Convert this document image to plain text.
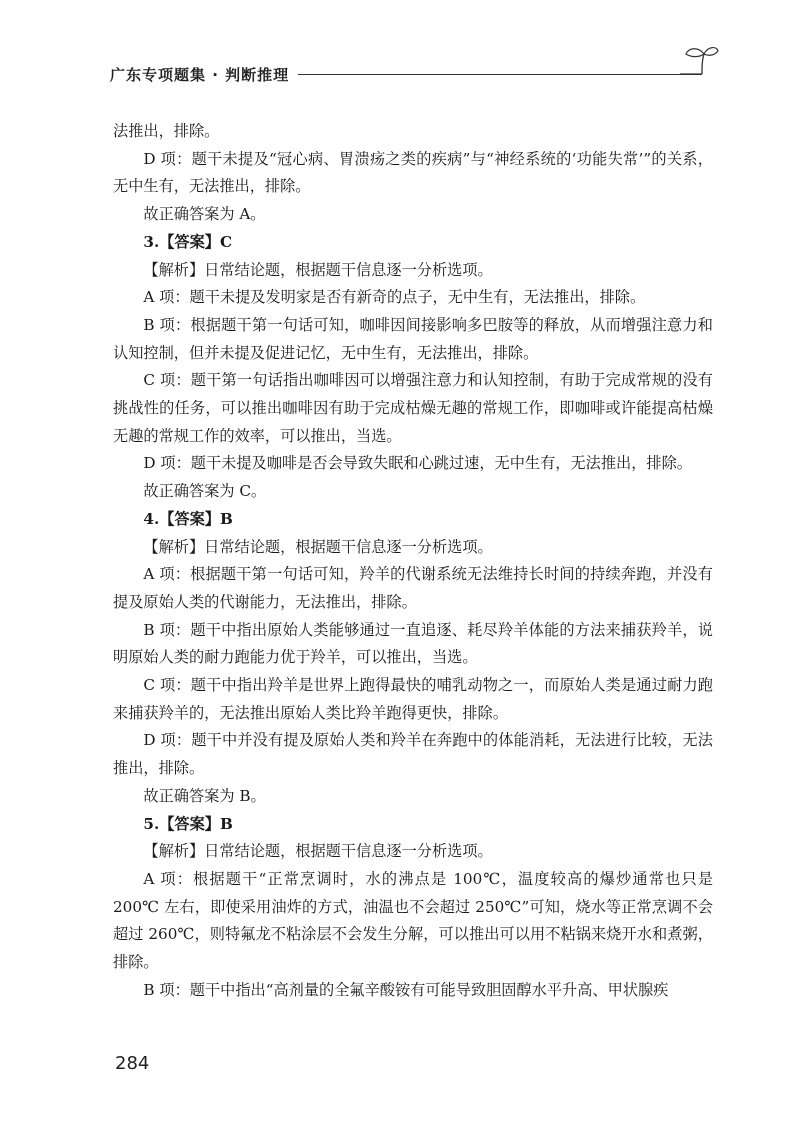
广东专项题集 · 判断推理

法推出，排除。

D 项：题干未提及“冠心病、胃溃疡之类的疾病”与“神经系统的‘功能失常’”的关系，无中生有，无法推出，排除。

故正确答案为 A。

3.【答案】C

【解析】日常结论题，根据题干信息逐一分析选项。

A 项：题干未提及发明家是否有新奇的点子，无中生有，无法推出，排除。

B 项：根据题干第一句话可知，咖啡因间接影响多巴胺等的释放，从而增强注意力和认知控制，但并未提及促进记忆，无中生有，无法推出，排除。

C 项：题干第一句话指出咖啡因可以增强注意力和认知控制，有助于完成常规的没有挑战性的任务，可以推出咖啡因有助于完成枯燥无趣的常规工作，即咖啡或许能提高枯燥无趣的常规工作的效率，可以推出，当选。

D 项：题干未提及咖啡是否会导致失眠和心跳过速，无中生有，无法推出，排除。

故正确答案为 C。

4.【答案】B

【解析】日常结论题，根据题干信息逐一分析选项。

A 项：根据题干第一句话可知，羚羊的代谢系统无法维持长时间的持续奔跑，并没有提及原始人类的代谢能力，无法推出，排除。

B 项：题干中指出原始人类能够通过一直追逐、耗尽羚羊体能的方法来捕获羚羊，说明原始人类的耐力跑能力优于羚羊，可以推出，当选。

C 项：题干中指出羚羊是世界上跑得最快的哺乳动物之一，而原始人类是通过耐力跑来捕获羚羊的，无法推出原始人类比羚羊跑得更快，排除。

D 项：题干中并没有提及原始人类和羚羊在奔跑中的体能消耗，无法进行比较，无法推出，排除。

故正确答案为 B。

5.【答案】B

【解析】日常结论题，根据题干信息逐一分析选项。

A 项：根据题干“正常烹调时，水的沸点是 100℃，温度较高的爆炒通常也只是 200℃ 左右，即使采用油炸的方式，油温也不会超过 250℃”可知，烧水等正常烹调不会超过 260℃，则特氟龙不粘涂层不会发生分解，可以推出可以用不粘锅来烧开水和煮粥，排除。

B 项：题干中指出“高剂量的全氟辛酸铵有可能导致胆固醇水平升高、甲状腺疾

284
